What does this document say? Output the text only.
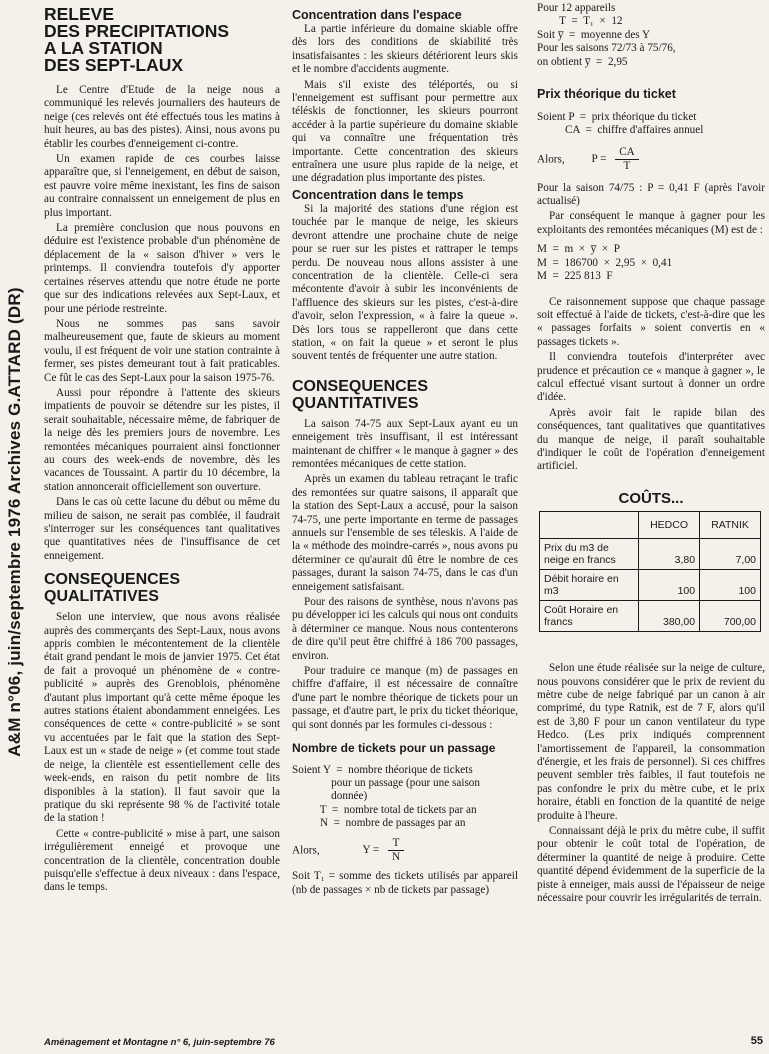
A&M n°06, juin/septembre 1976 Archives G.ATTARD (DR)
RELEVE
DES PRECIPITATIONS
A LA STATION
DES SEPT-LAUX

Le Centre d'Etude de la neige nous a communiqué les relevés journaliers des hauteurs de neige (ces relevés ont été effectués tous les matins à huit heures, au bas des pistes). Ainsi, nous avons pu établir les courbes d'enneigement ci-contre.

Un examen rapide de ces courbes laisse apparaître que, si l'enneigement, en début de saison, est pauvre voire même inexistant, les fins de saison au contraire connaissent un enneigement de plus en plus important.

La première conclusion que nous pouvons en déduire est l'existence probable d'un phénomène de déplacement de la « saison d'hiver » vers le printemps. Il conviendra toutefois d'y apporter certaines réserves attendu que notre étude ne porte que sur des indications relevées aux Sept-Laux, et pour une période restreinte.

Nous ne sommes pas sans savoir malheureusement que, faute de skieurs au moment voulu, il est fréquent de voir une station contrainte à fermer, ses pistes demeurant tout à fait praticables. Ce fût le cas des Sept-Laux pour la saison 1975-76.

Aussi pour répondre à l'attente des skieurs impatients de pouvoir se détendre sur les pistes, il serait souhaitable, nécessaire même, de fabriquer de la neige dès les premiers jours de novembre. Les remontées mécaniques pourraient ainsi fonctionner au cours des week-ends de novembre, dès les vacances de Toussaint. A partir du 10 décembre, la station annoncerait officiellement son ouverture.

Dans le cas où cette lacune du début ou même du milieu de saison, ne serait pas comblée, il faudrait s'interroger sur les conséquences tant qualitatives que quantitatives nées de l'insuffisance de cet enneigement.

CONSEQUENCES QUALITATIVES

Selon une interview, que nous avons réalisée auprès des commerçants des Sept-Laux, nous avons appris combien le mécontentement de la clientèle était grand pendant le mois de janvier 1975. Cet état de fait a provoqué un phénomène de « contre-publicité » auprès des Grenoblois, phénomène d'autant plus important qu'à cette même époque les autres stations étaient abondamment enneigées. Les conséquences de cette « contre-publicité » se sont vu accentuées par le fait que la station des Sept-Laux est un « stade de neige » (et comme tout stade de neige, la clientèle est essentiellement celle des week-ends, en raison du petit nombre de lits disponibles à la station). Il faut savoir que la pratique du ski représente 98 % de l'activité totale de la station !

Cette « contre-publicité » mise à part, une saison irrégulièrement enneigé et provoque une concentration de la clientèle, concentration double puisqu'elle s'effectue à deux niveaux : dans l'espace, dans le temps.

Concentration dans l'espace

La partie inférieure du domaine skiable offre dès lors des conditions de skiabilité très insatisfaisantes : les skieurs détériorent leurs skis et le nombre d'accidents augmente.

Mais s'il existe des téléportés, ou si l'enneigement est suffisant pour permettre aux téléskis de fonctionner, les skieurs pourront accéder à la partie supérieure du domaine skiable qui va connaître une fréquentation très importante. Cette concentration des skieurs entraînera une usure plus rapide de la neige, et une dégradation plus importante des pistes.

Concentration dans le temps

Si la majorité des stations d'une région est touchée par le manque de neige, les skieurs devront attendre une prochaine chute de neige pour se ruer sur les pistes et rattraper le temps perdu. De nouveau nous allons assister à une concentration de la clientèle. Celle-ci sera mécontente d'avoir à subir les inconvénients de l'affluence des skieurs sur les pistes, c'est-à-dire d'avoir, selon l'expression, « à faire la queue ». Dès lors tous se rappelleront que dans cette station, « on fait la queue » et seront le plus souvent tentés de fréquenter une autre station.

CONSEQUENCES QUANTITATIVES

La saison 74-75 aux Sept-Laux ayant eu un enneigement très insuffisant, il est intéressant maintenant de chiffrer « le manque à gagner » des remontées mécaniques de cette station.

Après un examen du tableau retraçant le trafic des remontées sur quatre saisons, il apparaît que la station des Sept-Laux a accusé, pour la saison 74-75, une perte importante en terme de passages annuels sur l'ensemble de ses téleskis. A l'aide de la « méthode des moindre-carrés », nous avons pu déterminer ce qu'aurait dû être le nombre de ces passages, durant la saison 74-75, dans le cas d'un enneigement satisfaisant.

Pour des raisons de synthèse, nous n'avons pas pu développer ici les calculs qui nous ont conduits à déterminer ce manque. Nous nous contenterons de dire qu'il peut être chiffré à 186 700 passages, environ.

Pour traduire ce manque (m) de passages en chiffre d'affaire, il est nécessaire de connaître d'une part le nombre théorique de tickets pour un passage, et d'autre part, le prix du ticket théorique, qui sont donnés par les formules ci-dessous :

Nombre de tickets pour un passage
Soient Y  =  nombre théorique de tickets
pour un passage (pour une saison
donnée)
T  =  nombre total de tickets par an
N  =  nombre de passages par an
Alors,	$Y = \frac{T}{N}$

Soit T₁ = somme des tickets utilisés par appareil (nb de passages × nb de tickets par passage)

Pour 12 appareils
T  =  T₁  ×  12
Soit y̅  =  moyenne des Y
Pour les saisons 72/73 à 75/76,
on obtient y̅  =  2,95
Prix théorique du ticket
Soient P  =  prix théorique du ticket
CA  =  chiffre d'affaires annuel
Alors, $P = \frac{CA}{T}$

Pour la saison 74/75 : P = 0,41 F (après l'avoir actualisé)

Par conséquent le manque à gagner pour les exploitants des remontées mécaniques (M) est de :

M  =  m  ×  y̅  ×  P
M  =  186700  ×  2,95  ×  0,41
M  =  225 813  F

Ce raisonnement suppose que chaque passage soit effectué à l'aide de tickets, c'est-à-dire que les « passages forfaits » soient convertis en « passages tickets ».

Il conviendra toutefois d'interpréter avec prudence et précaution ce « manque à gagner », le calcul effectué visant surtout à donner un ordre d'idée.

Après avoir fait le rapide bilan des conséquences, tant qualitatives que quantitatives du manque de neige, il paraît souhaitable d'indiquer le coût de l'opération d'enneigement artificiel.

COÛTS...
	HEDCO	RATNIK
Prix du m3 de neige en francs	3,80	7,00
Débit horaire en m3	100	100
Coût Horaire en francs	380,00	700,00

Selon une étude réalisée sur la neige de culture, nous pouvons considérer que le prix de revient du mètre cube de neige fabriqué par un canon à air comprimé, du type Ratnik, est de 7 F, alors qu'il est de 3,80 F pour un canon ventilateur du type Hedco. (Les prix indiqués comprennent l'amortissement de l'appareil, la consommation d'énergie, et les frais de personnel). Si ces chiffres peuvent sembler très faibles, il faut toutefois ne pas confondre le prix du mètre cube, et le prix horaire, établi en fonction de la quantité de neige produite à l'heure.

Connaissant déjà le prix du mètre cube, il suffit pour obtenir le coût total de l'opération, de déterminer la quantité de neige à produire. Cette quantité dépend évidemment de la superficie de la piste à enneiger, mais aussi de l'épaisseur de neige nécessaire pour couvrir les irrégularités de terrain.

Aménagement et Montagne n° 6, juin-septembre 76	55
